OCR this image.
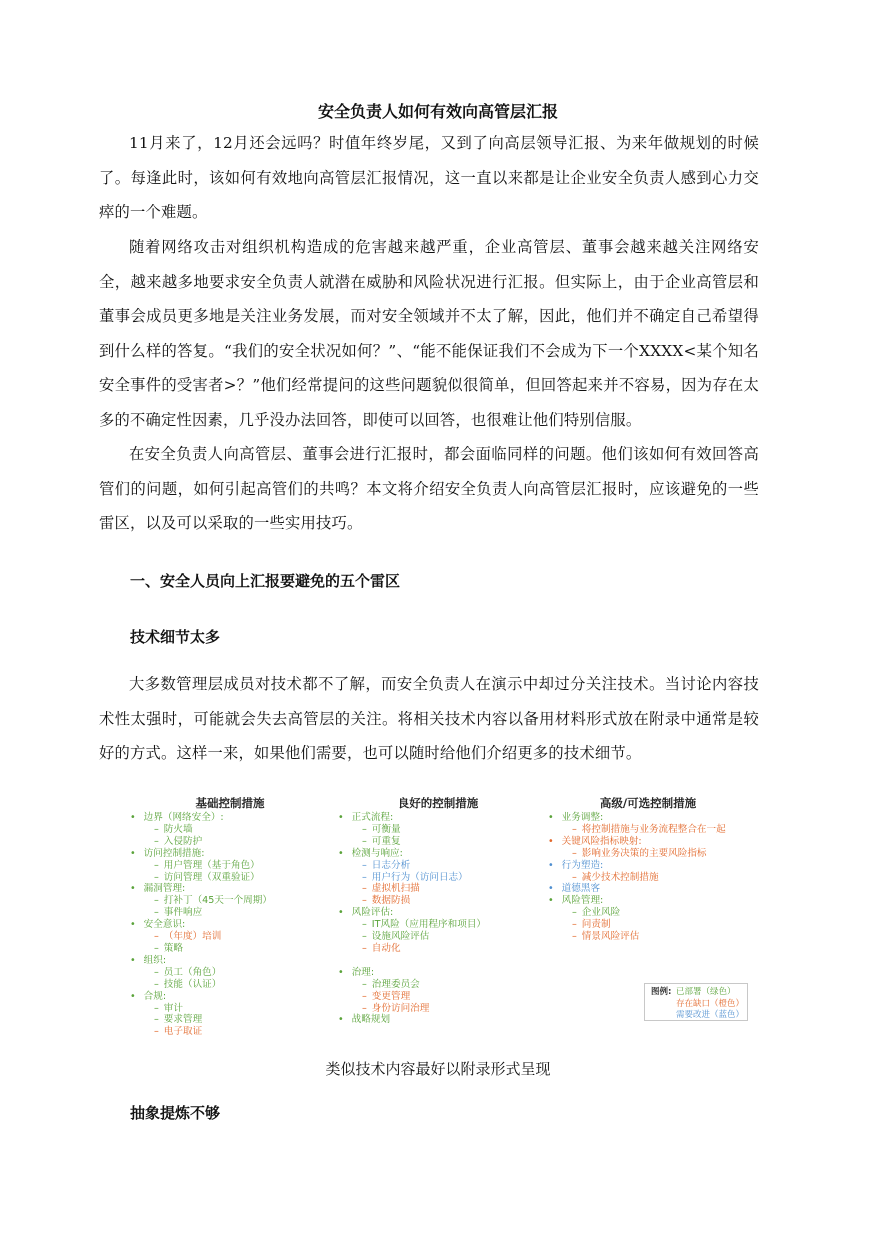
安全负责人如何有效向高管层汇报

11月来了，12月还会远吗？时值年终岁尾，又到了向高层领导汇报、为来年做规划的时候了。每逢此时，该如何有效地向高管层汇报情况，这一直以来都是让企业安全负责人感到心力交瘁的一个难题。

随着网络攻击对组织机构造成的危害越来越严重，企业高管层、董事会越来越关注网络安全，越来越多地要求安全负责人就潜在威胁和风险状况进行汇报。但实际上，由于企业高管层和董事会成员更多地是关注业务发展，而对安全领域并不太了解，因此，他们并不确定自己希望得到什么样的答复。“我们的安全状况如何？”、“能不能保证我们不会成为下一个XXXX<某个知名安全事件的受害者>？”他们经常提问的这些问题貌似很简单，但回答起来并不容易，因为存在太多的不确定性因素，几乎没办法回答，即使可以回答，也很难让他们特别信服。

在安全负责人向高管层、董事会进行汇报时，都会面临同样的问题。他们该如何有效回答高管们的问题，如何引起高管们的共鸣？本文将介绍安全负责人向高管层汇报时，应该避免的一些雷区，以及可以采取的一些实用技巧。

一、安全人员向上汇报要避免的五个雷区
技术细节太多

大多数管理层成员对技术都不了解，而安全负责人在演示中却过分关注技术。当讨论内容技术性太强时，可能就会失去高管层的关注。将相关技术内容以备用材料形式放在附录中通常是较好的方式。这样一来，如果他们需要，也可以随时给他们介绍更多的技术细节。

基础控制措施
• 边界（网络安全）:
– 防火墙
– 入侵防护
• 访问控制措施:
– 用户管理（基于角色）
– 访问管理（双重验证）
• 漏洞管理:
– 打补丁（45天一个周期）
– 事件响应
• 安全意识:
– （年度）培训
– 策略
• 组织:
– 员工（角色）
– 技能（认证）
• 合规:
– 审计
– 要求管理
– 电子取证
良好的控制措施
• 正式流程:
– 可衡量
– 可重复
• 检测与响应:
– 日志分析
– 用户行为（访问日志）
– 虚拟机扫描
– 数据防损
• 风险评估:
– IT风险（应用程序和项目）
– 设施风险评估
– 自动化

• 治理:
– 治理委员会
– 变更管理
– 身份访问治理
• 战略规划
高级/可选控制措施
• 业务调整:
– 将控制措施与业务流程整合在一起
• 关键风险指标映射:
– 影响业务决策的主要风险指标
• 行为塑造:
– 减少技术控制措施
• 道德黑客
• 风险管理:
– 企业风险
– 问责制
– 情景风险评估
图例: 已部署（绿色）
存在缺口（橙色）
需要改进（蓝色）
类似技术内容最好以附录形式呈现
抽象提炼不够
